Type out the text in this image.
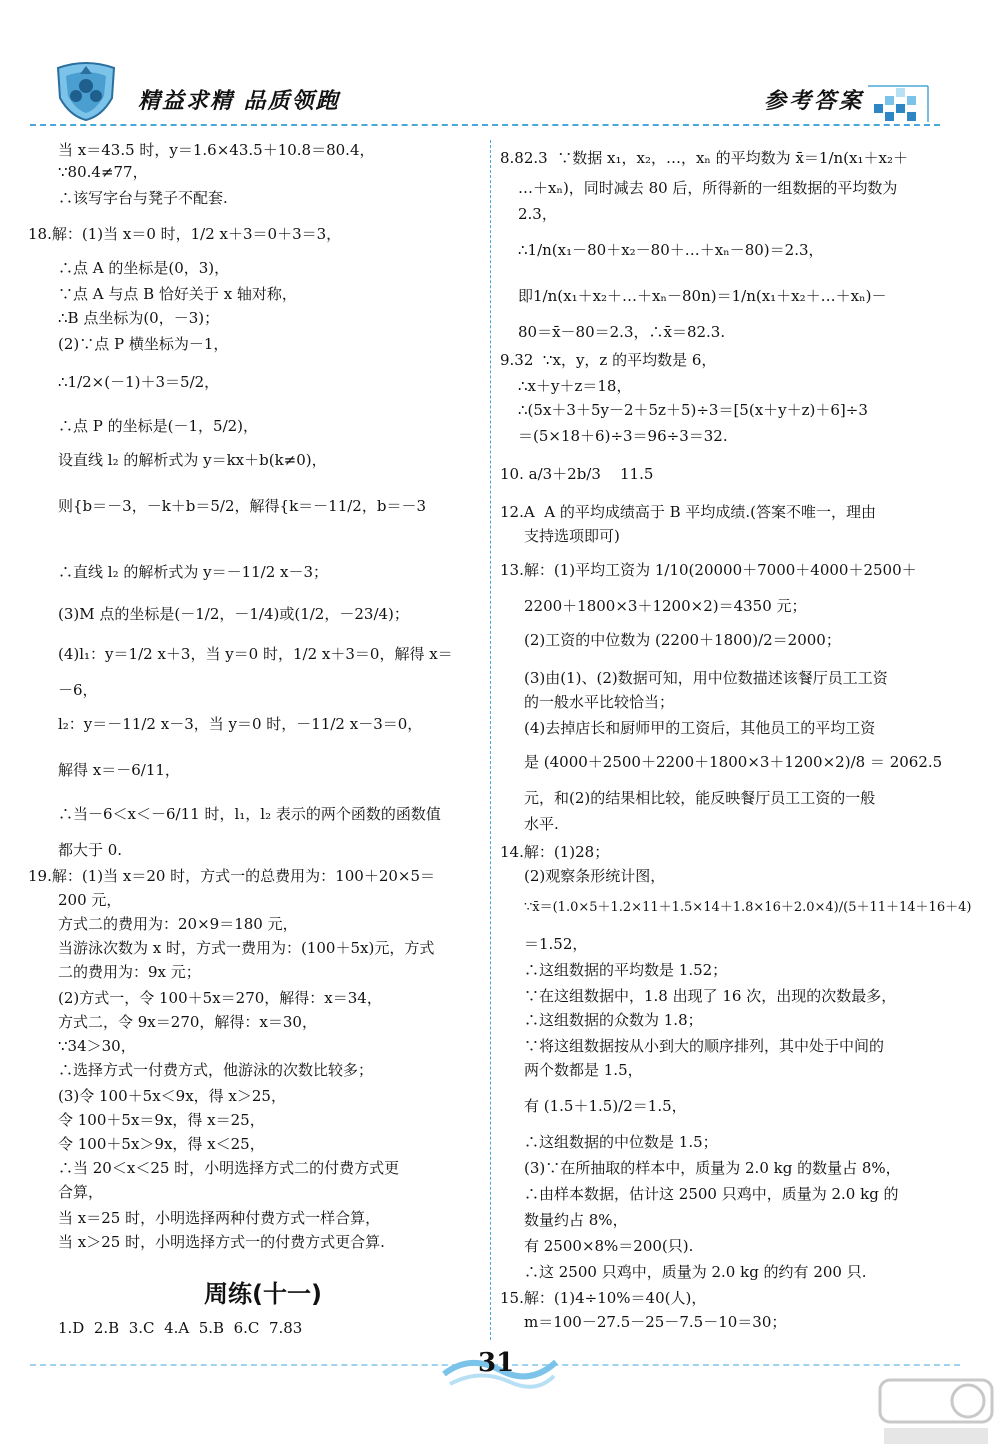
精益求精 品质领跑	参考答案
当 x＝43.5 时，y＝1.6×43.5＋10.8＝80.4，
∵80.4≠77，
∴该写字台与凳子不配套.
18.解：(1)当 x＝0 时，1/2 x＋3＝0＋3＝3，
∴点 A 的坐标是(0，3)，
∵点 A 与点 B 恰好关于 x 轴对称，
∴B 点坐标为(0，－3)；
(2)∵点 P 横坐标为－1，
∴1/2×(－1)＋3＝5/2，
∴点 P 的坐标是(－1，5/2)，
设直线 l₂ 的解析式为 y＝kx＋b(k≠0)，
则{b＝－3，－k＋b＝5/2，解得{k＝－11/2，b＝－3
∴直线 l₂ 的解析式为 y＝－11/2 x－3；
(3)M 点的坐标是(－1/2，－1/4)或(1/2，－23/4)；
(4)l₁：y＝1/2 x＋3，当 y＝0 时，1/2 x＋3＝0，解得 x＝
－6，
l₂：y＝－11/2 x－3，当 y＝0 时，－11/2 x－3＝0，
解得 x＝－6/11，
∴当－6＜x＜－6/11 时，l₁，l₂ 表示的两个函数的函数值
都大于 0.
19.解：(1)当 x＝20 时，方式一的总费用为：100＋20×5＝
200 元，
方式二的费用为：20×9＝180 元，
当游泳次数为 x 时，方式一费用为：(100＋5x)元，方式
二的费用为：9x 元；
(2)方式一，令 100＋5x＝270，解得：x＝34，
方式二，令 9x＝270，解得：x＝30，
∵34＞30，
∴选择方式一付费方式，他游泳的次数比较多；
(3)令 100＋5x＜9x，得 x＞25，
令 100＋5x＝9x，得 x＝25，
令 100＋5x＞9x，得 x＜25，
∴当 20＜x＜25 时，小明选择方式二的付费方式更
合算，
当 x＝25 时，小明选择两种付费方式一样合算，
当 x＞25 时，小明选择方式一的付费方式更合算.
1.D  2.B  3.C  4.A  5.B  6.C  7.83
周练(十一)
8.82.3  ∵数据 x₁，x₂，…，xₙ 的平均数为 x̄＝1/n(x₁＋x₂＋
…＋xₙ)，同时减去 80 后，所得新的一组数据的平均数为
2.3，
∴1/n(x₁－80＋x₂－80＋…＋xₙ－80)＝2.3，
即1/n(x₁＋x₂＋…＋xₙ－80n)＝1/n(x₁＋x₂＋…＋xₙ)－
80＝x̄－80＝2.3，∴x̄＝82.3.
9.32  ∵x，y，z 的平均数是 6，
∴x＋y＋z＝18，
∴(5x＋3＋5y－2＋5z＋5)÷3＝[5(x＋y＋z)＋6]÷3
＝(5×18＋6)÷3＝96÷3＝32.
10. a/3＋2b/3    11.5
12.A  A 的平均成绩高于 B 平均成绩.(答案不唯一，理由
支持选项即可)
13.解：(1)平均工资为 1/10(20000＋7000＋4000＋2500＋
2200＋1800×3＋1200×2)＝4350 元；
(2)工资的中位数为 (2200＋1800)/2＝2000；
(3)由(1)、(2)数据可知，用中位数描述该餐厅员工工资
的一般水平比较恰当；
(4)去掉店长和厨师甲的工资后，其他员工的平均工资
是 (4000＋2500＋2200＋1800×3＋1200×2)/8 ＝ 2062.5
元，和(2)的结果相比较，能反映餐厅员工工资的一般
水平.
14.解：(1)28；
(2)观察条形统计图，
∵x̄＝(1.0×5＋1.2×11＋1.5×14＋1.8×16＋2.0×4)/(5＋11＋14＋16＋4)
＝1.52，
∴这组数据的平均数是 1.52；
∵在这组数据中，1.8 出现了 16 次，出现的次数最多，
∴这组数据的众数为 1.8；
∵将这组数据按从小到大的顺序排列，其中处于中间的
两个数都是 1.5，
有 (1.5＋1.5)/2＝1.5，
∴这组数据的中位数是 1.5；
(3)∵在所抽取的样本中，质量为 2.0 kg 的数量占 8%，
∴由样本数据，估计这 2500 只鸡中，质量为 2.0 kg 的
数量约占 8%，
有 2500×8%＝200(只).
∴这 2500 只鸡中，质量为 2.0 kg 的约有 200 只.
15.解：(1)4÷10%＝40(人)，
m＝100－27.5－25－7.5－10＝30；
31
